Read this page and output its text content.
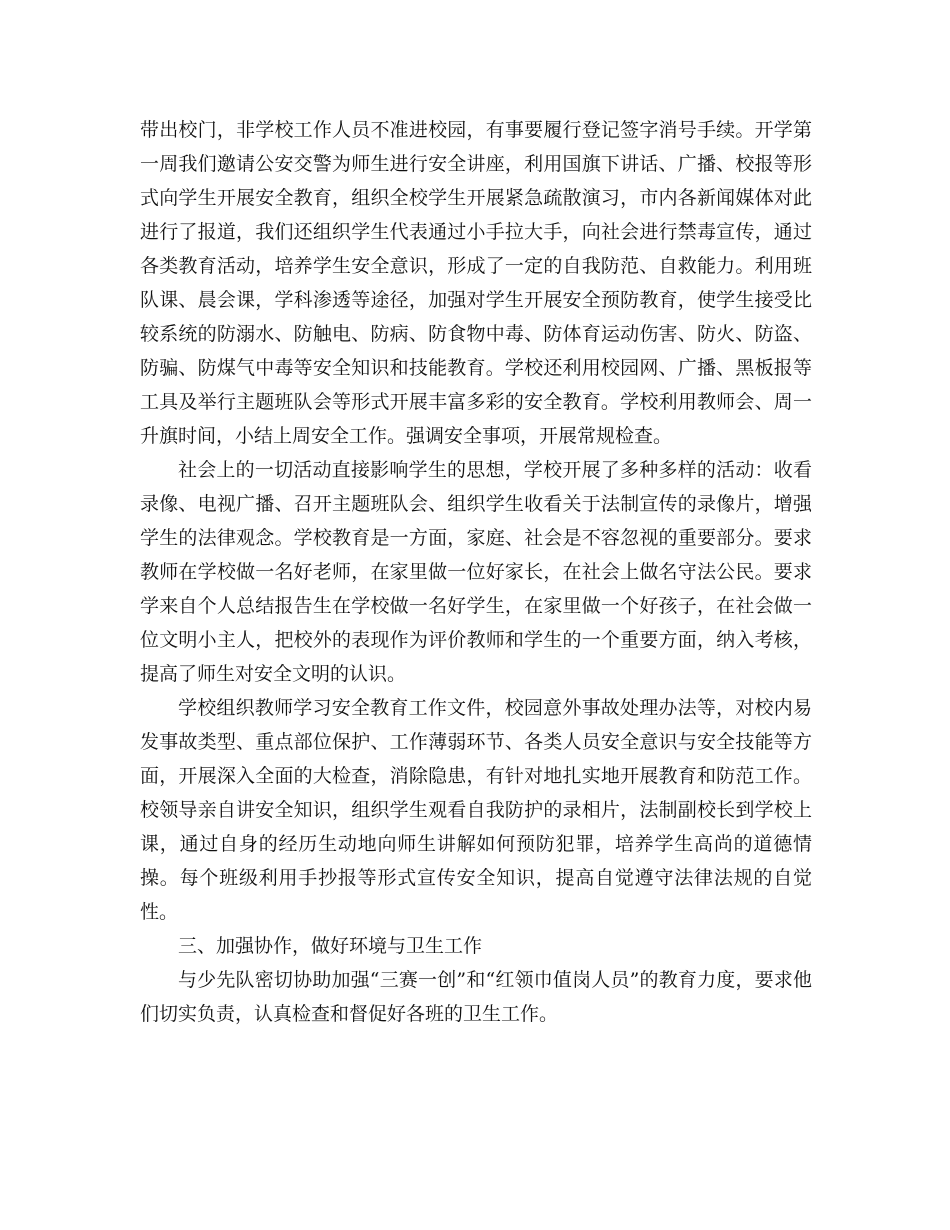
带出校门，非学校工作人员不准进校园，有事要履行登记签字消号手续。开学第一周我们邀请公安交警为师生进行安全讲座，利用国旗下讲话、广播、校报等形式向学生开展安全教育，组织全校学生开展紧急疏散演习，市内各新闻媒体对此进行了报道，我们还组织学生代表通过小手拉大手，向社会进行禁毒宣传，通过各类教育活动，培养学生安全意识，形成了一定的自我防范、自救能力。利用班队课、晨会课，学科渗透等途径，加强对学生开展安全预防教育，使学生接受比较系统的防溺水、防触电、防病、防食物中毒、防体育运动伤害、防火、防盗、防骗、防煤气中毒等安全知识和技能教育。学校还利用校园网、广播、黑板报等工具及举行主题班队会等形式开展丰富多彩的安全教育。学校利用教师会、周一升旗时间，小结上周安全工作。强调安全事项，开展常规检查。

社会上的一切活动直接影响学生的思想，学校开展了多种多样的活动：收看录像、电视广播、召开主题班队会、组织学生收看关于法制宣传的录像片，增强学生的法律观念。学校教育是一方面，家庭、社会是不容忽视的重要部分。要求教师在学校做一名好老师，在家里做一位好家长，在社会上做名守法公民。要求学来自个人总结报告生在学校做一名好学生，在家里做一个好孩子，在社会做一位文明小主人，把校外的表现作为评价教师和学生的一个重要方面，纳入考核，提高了师生对安全文明的认识。

学校组织教师学习安全教育工作文件，校园意外事故处理办法等，对校内易发事故类型、重点部位保护、工作薄弱环节、各类人员安全意识与安全技能等方面，开展深入全面的大检查，消除隐患，有针对地扎实地开展教育和防范工作。校领导亲自讲安全知识，组织学生观看自我防护的录相片，法制副校长到学校上课，通过自身的经历生动地向师生讲解如何预防犯罪，培养学生高尚的道德情操。每个班级利用手抄报等形式宣传安全知识，提高自觉遵守法律法规的自觉性。

三、加强协作，做好环境与卫生工作

与少先队密切协助加强“三赛一创”和“红领巾值岗人员”的教育力度，要求他们切实负责，认真检查和督促好各班的卫生工作。
